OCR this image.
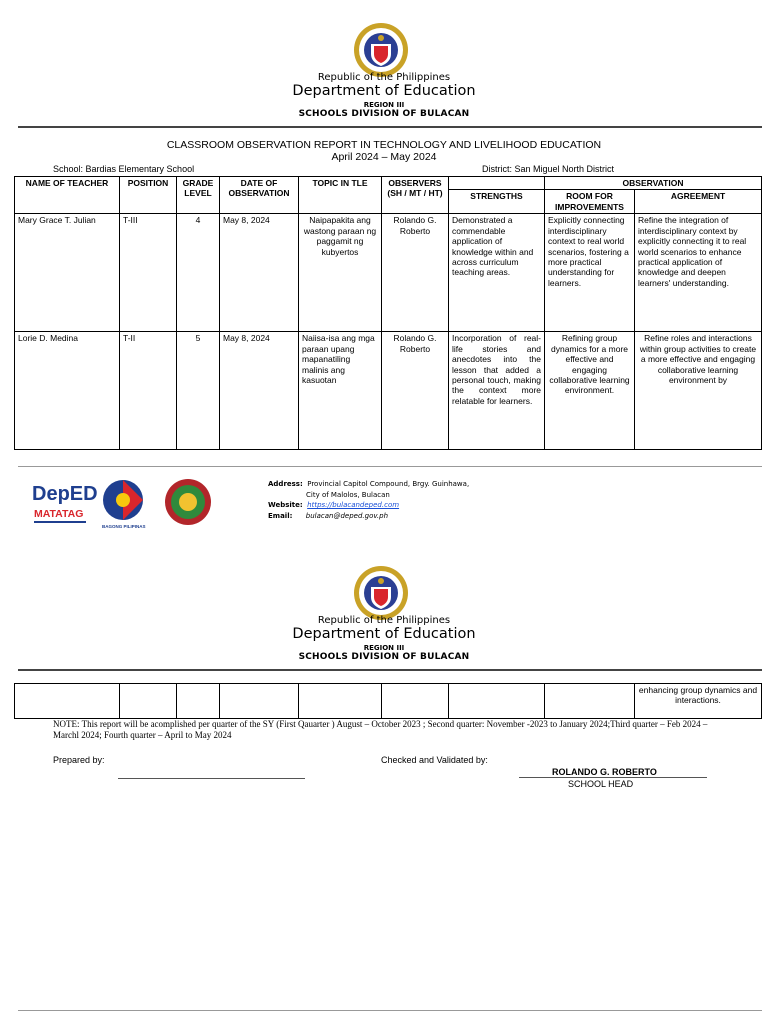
Republic of the Philippines
Department of Education
REGION III
SCHOOLS DIVISION OF BULACAN
CLASSROOM OBSERVATION REPORT IN TECHNOLOGY AND LIVELIHOOD EDUCATION
April 2024 – May 2024
School: Bardias Elementary School	District: San Miguel North District
NAME OF TEACHER	POSITION	GRADE LEVEL	DATE OF OBSERVATION	TOPIC IN TLE	OBSERVERS (SH / MT / HT)		OBSERVATION	
						STRENGTHS	ROOM FOR IMPROVEMENTS	AGREEMENT
Mary Grace T. Julian	T-III	4	May 8, 2024	Naipapakita ang wastong paraan ng paggamit ng kubyertos	Rolando G. Roberto	Demonstrated a commendable application of knowledge within and across curriculum teaching areas.	Explicitly connecting interdisciplinary context to real world scenarios, fostering a more practical understanding for learners.	Refine the integration of interdisciplinary context by explicitly connecting it to real world scenarios to enhance practical application of knowledge and deepen learners' understanding.
Lorie D. Medina	T-II	5	May 8, 2024	Naiisa-isa ang mga paraan upang mapanatiling malinis ang kasuotan	Rolando G. Roberto	Incorporation of real-life stories and anecdotes into the lesson that added a personal touch, making the context more relatable for learners.	Refining group dynamics for a more effective and engaging collaborative learning environment.	Refine roles and interactions within group activities to create a more effective and engaging collaborative learning environment by
DepED
MATATAG
BAGONG PILIPINAS
Address: Provincial Capitol Compound, Brgy. Guinhawa,
City of Malolos, Bulacan
Website: https://bulacandeped.com
Email: bulacan@deped.gov.ph
Republic of the Philippines
Department of Education
REGION III
SCHOOLS DIVISION OF BULACAN
								enhancing group dynamics and interactions.
NOTE: This report will be acomplished per quarter of the SY (First Qauarter ) August – October 2023 ; Second quarter: November -2023 to January 2024;Third quarter – Feb 2024 – Marchl 2024; Fourth quarter – April to May 2024
Prepared by:	Checked and Validated by:
ROLANDO G. ROBERTO
SCHOOL HEAD
